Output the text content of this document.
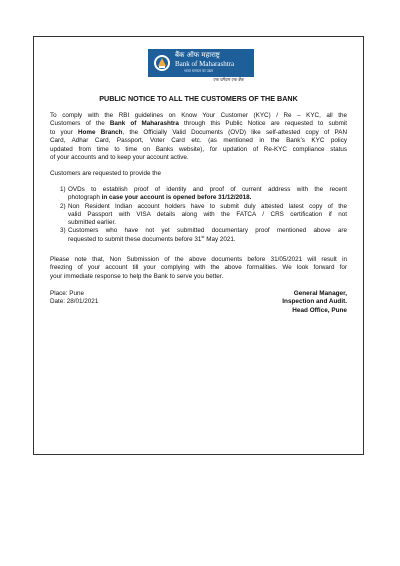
बैंक ऑफ महाराष्ट्र
Bank of Maharashtra
भारत सरकार का उद्यम
एक परिवार एक बैंक
PUBLIC NOTICE TO ALL THE CUSTOMERS OF THE BANK
To comply with the RBI guidelines on Know Your Customer (KYC) / Re – KYC, all the
Customers of the Bank of Maharashtra through this Public Notice are requested to submit
to your Home Branch, the Officially Valid Documents (OVD) like self-attested copy of PAN
Card, Adhar Card, Passport, Voter Card etc. (as mentioned in the Bank’s KYC policy
updated from time to time on Banks website), for updation of Re-KYC compliance status
of your accounts and to keep your account active.
Customers are requested to provide the
1) OVDs to establish proof of identity and proof of current address with the recent
photograph in case your account is opened before 31/12/2018.
2) Non Resident Indian account holders have to submit duly attested latest copy of the
valid Passport with VISA details along with the FATCA / CRS certification if not
submitted earlier.
3) Customers who have not yet submitted documentary proof mentioned above are
requested to submit these documents before 31st May 2021.
Please note that, Non Submission of the above documents before 31/05/2021 will result in
freezing of your account till your complying with the above formalities. We look forward for
your immediate response to help the Bank to serve you better.
Place: Pune
Date: 28/01/2021
General Manager,
Inspection and Audit.
Head Office, Pune
